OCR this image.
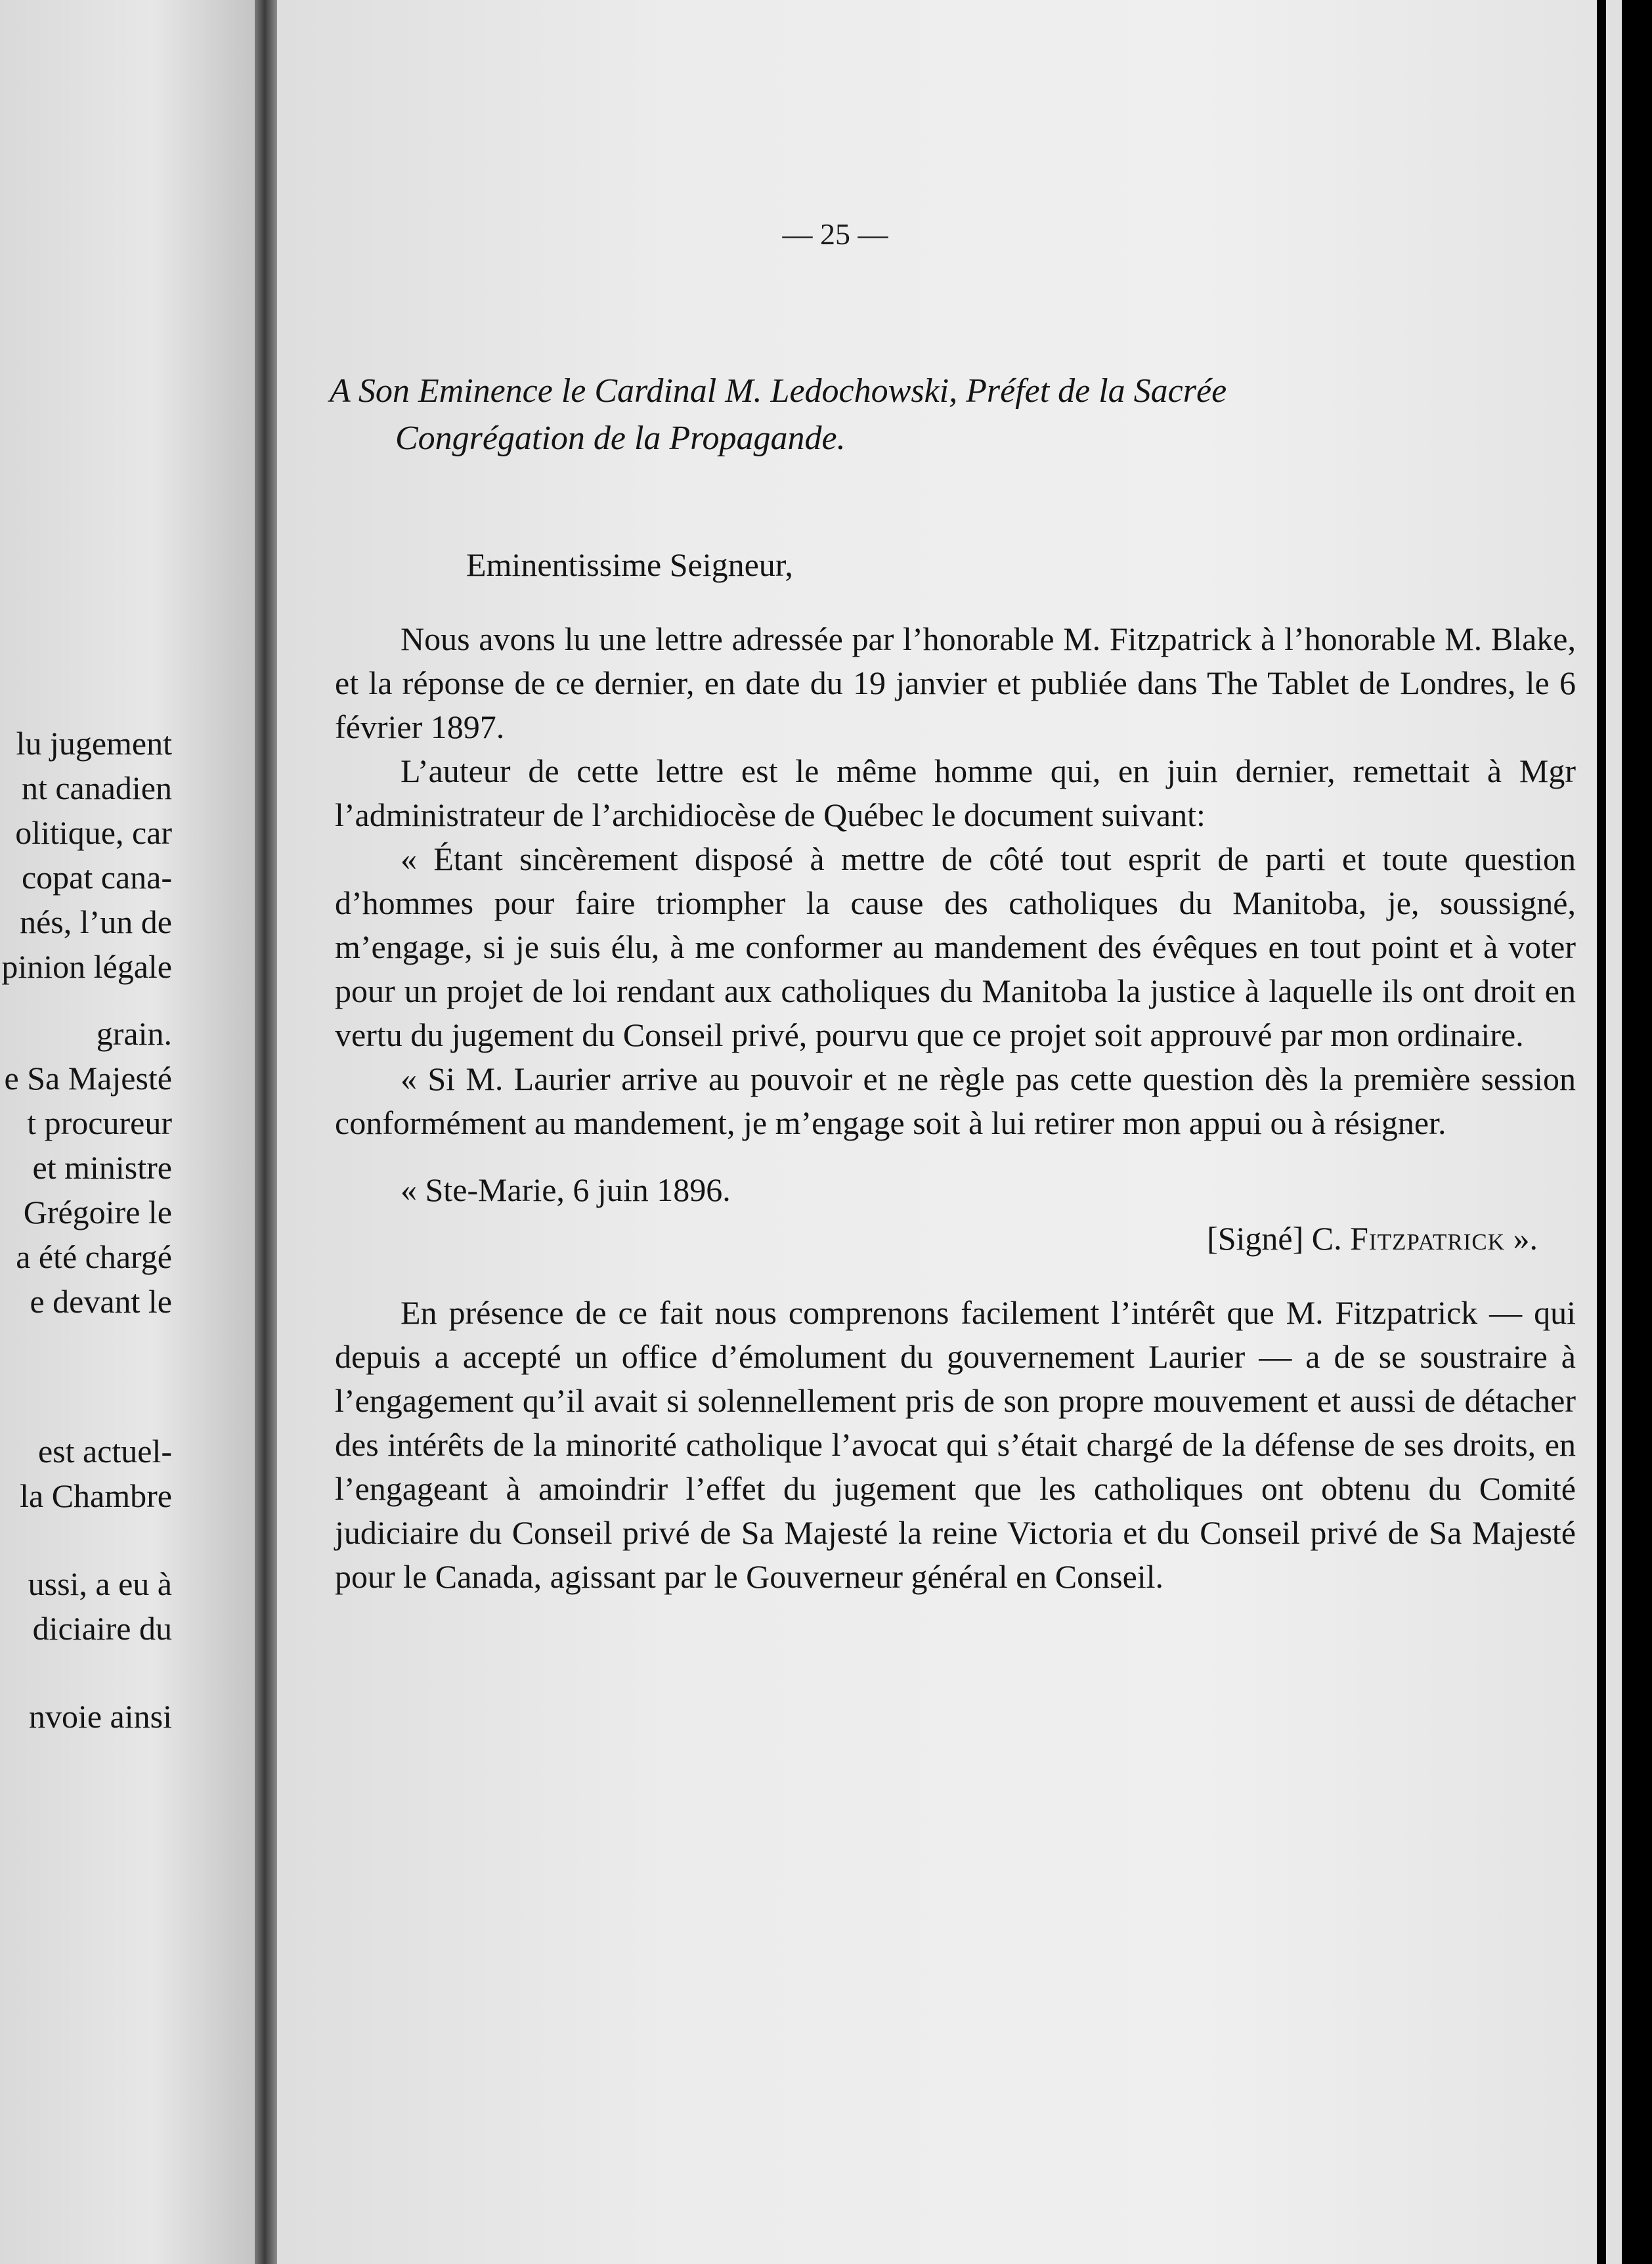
lu jugement
nt canadien
olitique, car
copat cana-
nés, l’un de
pinion légale
grain.
e Sa Majesté
t procureur
et ministre
Grégoire le
a été chargé
e devant le
est actuel-
la Chambre
ussi, a eu à
diciaire du
nvoie ainsi
— 25 —
A Son Eminence le Cardinal M. Ledochowski, Préfet de la Sacrée
Congrégation de la Propagande.

Eminentissime Seigneur,

Nous avons lu une lettre adressée par l’honorable M. Fitzpatrick à l’honorable M. Blake, et la réponse de ce dernier, en date du 19 janvier et publiée dans The Tablet de Londres, le 6 février 1897.

L’auteur de cette lettre est le même homme qui, en juin dernier, remettait à Mgr l’administrateur de l’archidiocèse de Québec le document suivant:

« Étant sincèrement disposé à mettre de côté tout esprit de parti et toute question d’hommes pour faire triompher la cause des catholiques du Manitoba, je, soussigné, m’engage, si je suis élu, à me conformer au mandement des évêques en tout point et à voter pour un projet de loi rendant aux catholiques du Manitoba la justice à laquelle ils ont droit en vertu du jugement du Conseil privé, pourvu que ce projet soit approuvé par mon ordinaire.

« Si M. Laurier arrive au pouvoir et ne règle pas cette question dès la première session conformément au mandement, je m’engage soit à lui retirer mon appui ou à résigner.

« Ste-Marie, 6 juin 1896.

[Signé] C. Fitzpatrick ».

En présence de ce fait nous comprenons facilement l’intérêt que M. Fitzpatrick — qui depuis a accepté un office d’émolument du gouvernement Laurier — a de se soustraire à l’engagement qu’il avait si solennellement pris de son propre mouvement et aussi de détacher des intérêts de la minorité catholique l’avocat qui s’était chargé de la défense de ses droits, en l’engageant à amoindrir l’effet du jugement que les catholiques ont obtenu du Comité judiciaire du Conseil privé de Sa Majesté la reine Victoria et du Conseil privé de Sa Majesté pour le Canada, agissant par le Gouverneur général en Conseil.
